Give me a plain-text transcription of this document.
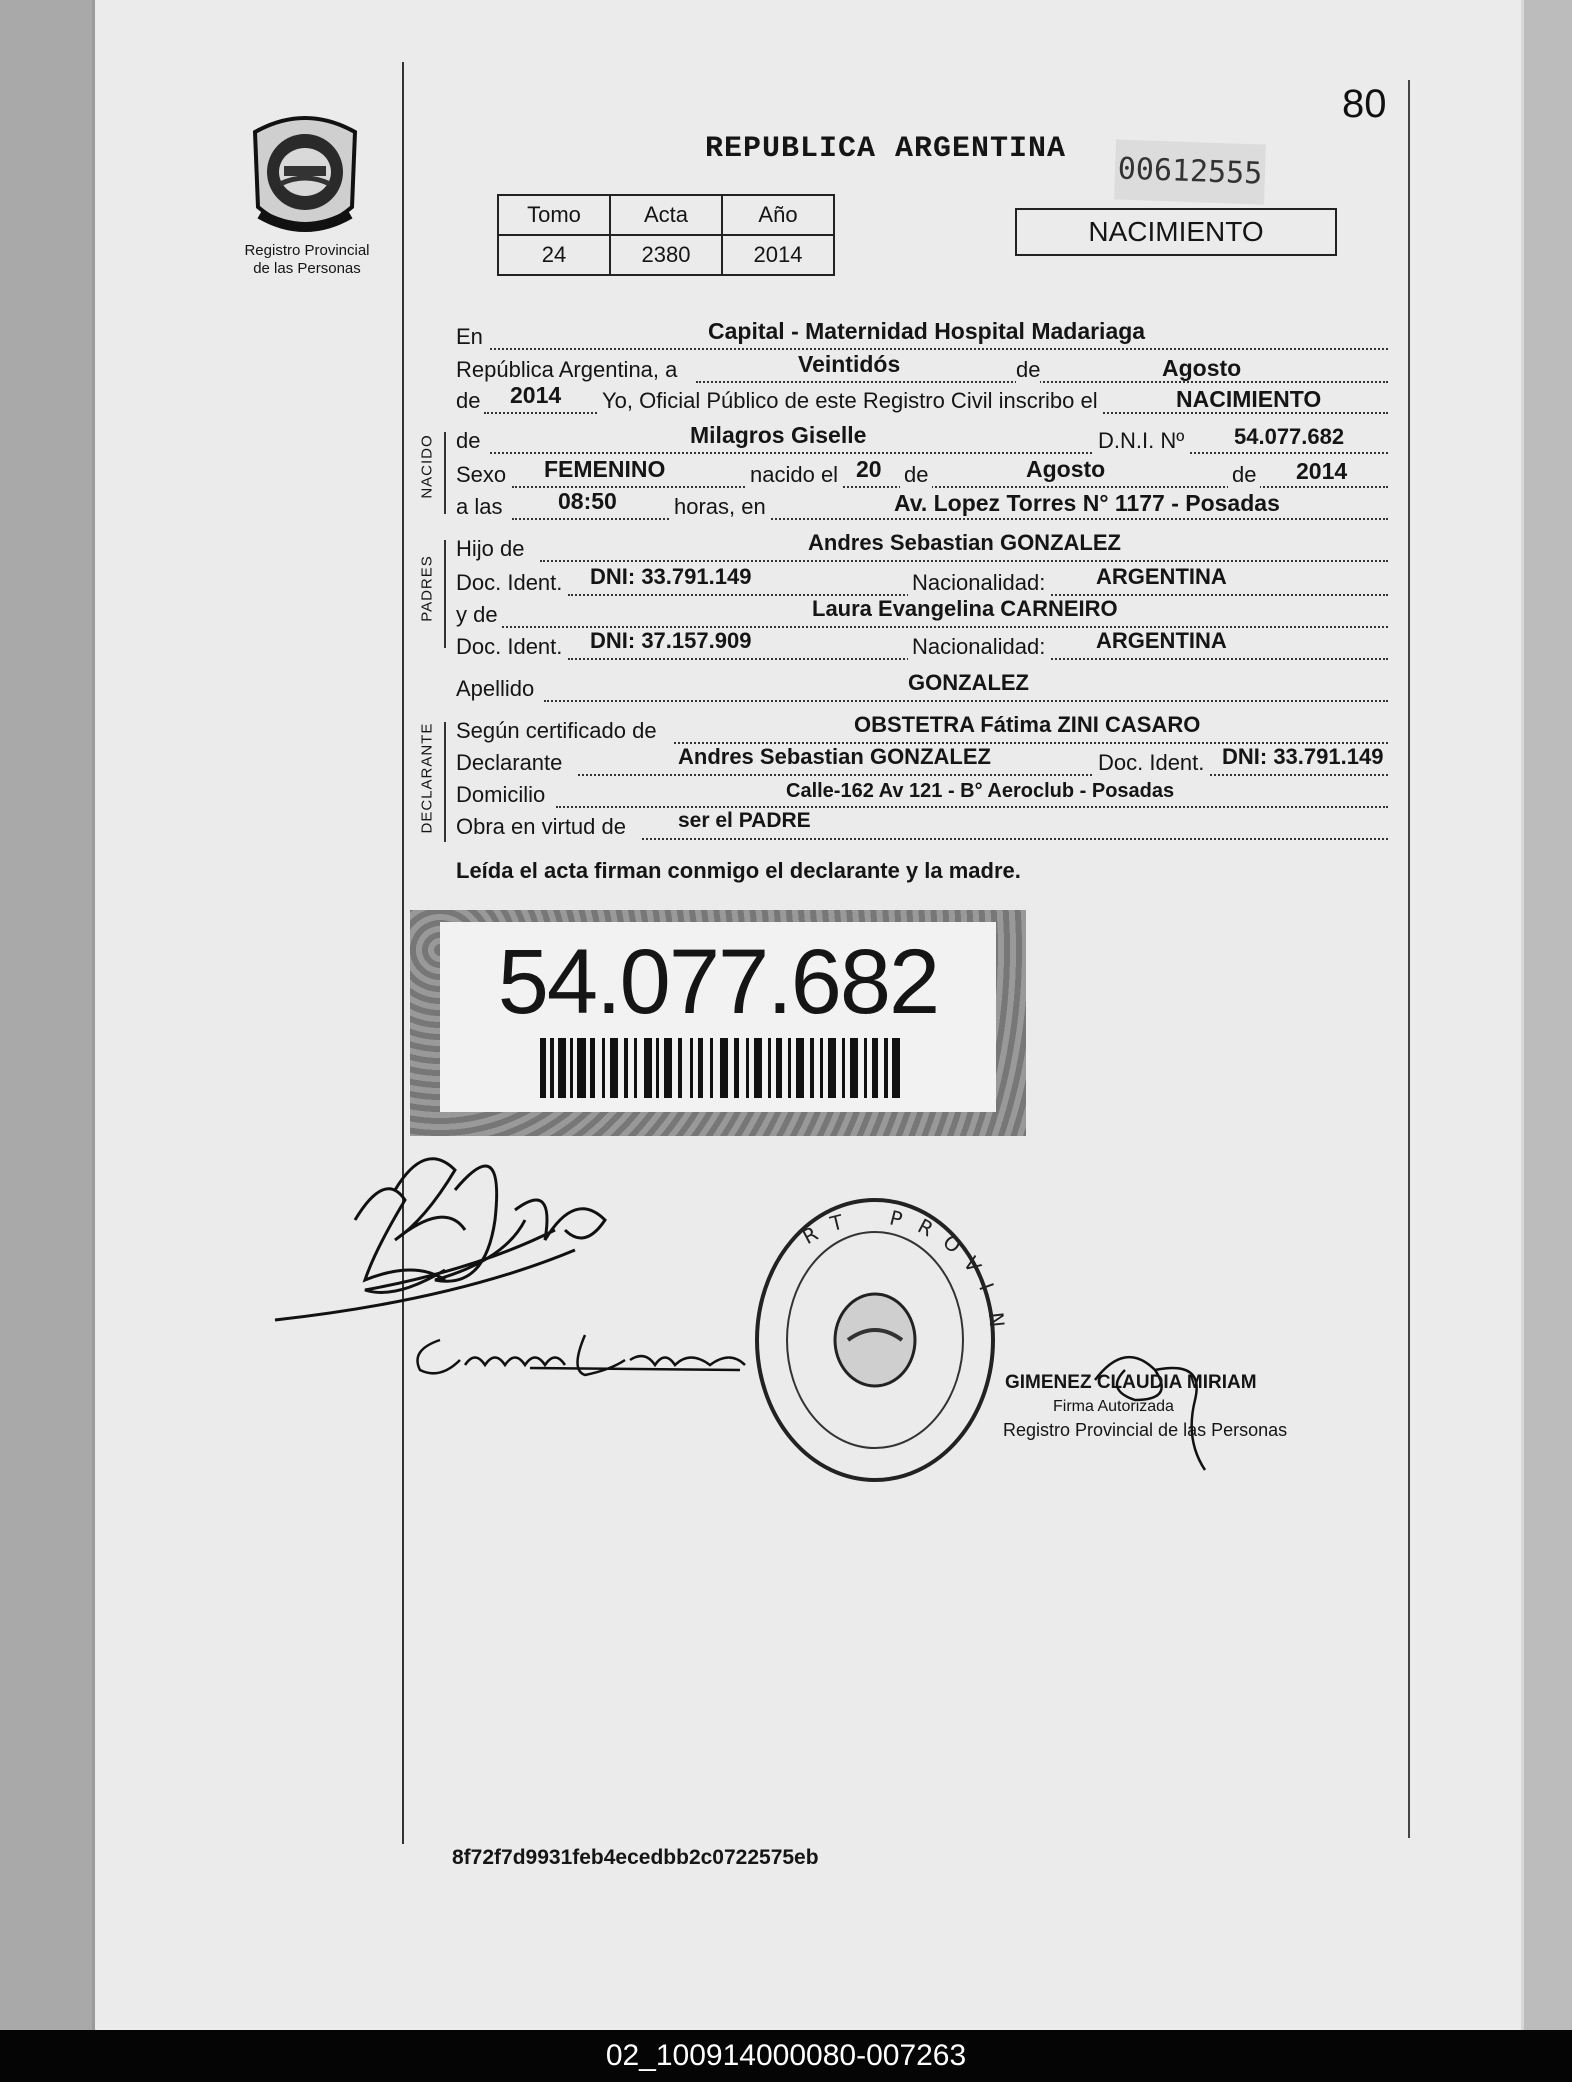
80
Registro Provincial
de las Personas
REPUBLICA ARGENTINA
00612555
Tomo	Acta	Año
24	2380	2014
NACIMIENTO
En	Capital - Maternidad Hospital Madariaga
República Argentina, a	Veintidós	de	Agosto
de 2014 Yo, Oficial Público de este Registro Civil inscribo el	NACIMIENTO
NACIDO de	Milagros Giselle	D.N.I. Nº 54.077.682
Sexo FEMENINO	nacido el 20 de	Agosto	de 2014
a las 08:50	horas, en	Av. Lopez Torres N° 1177 - Posadas
PADRES
Hijo de	Andres Sebastian GONZALEZ
Doc. Ident. DNI: 33.791.149	Nacionalidad: ARGENTINA
y de	Laura Evangelina CARNEIRO
Doc. Ident. DNI: 37.157.909	Nacionalidad: ARGENTINA
Apellido	GONZALEZ
DECLARANTE Según certificado de	OBSTETRA Fátima ZINI CASARO
Declarante	Andres Sebastian GONZALEZ	Doc. Ident. DNI: 33.791.149
Domicilio	Calle-162 Av 121 - B° Aeroclub - Posadas
Obra en virtud de ser el PADRE
Leída el acta firman conmigo el declarante y la madre.
54.077.682
P R
O
V
I
N
T
R
GIMENEZ CLAUDIA MIRIAM
Firma Autorizada
Registro Provincial de las Personas
8f72f7d9931feb4ecedbb2c0722575eb
02_100914000080-007263
